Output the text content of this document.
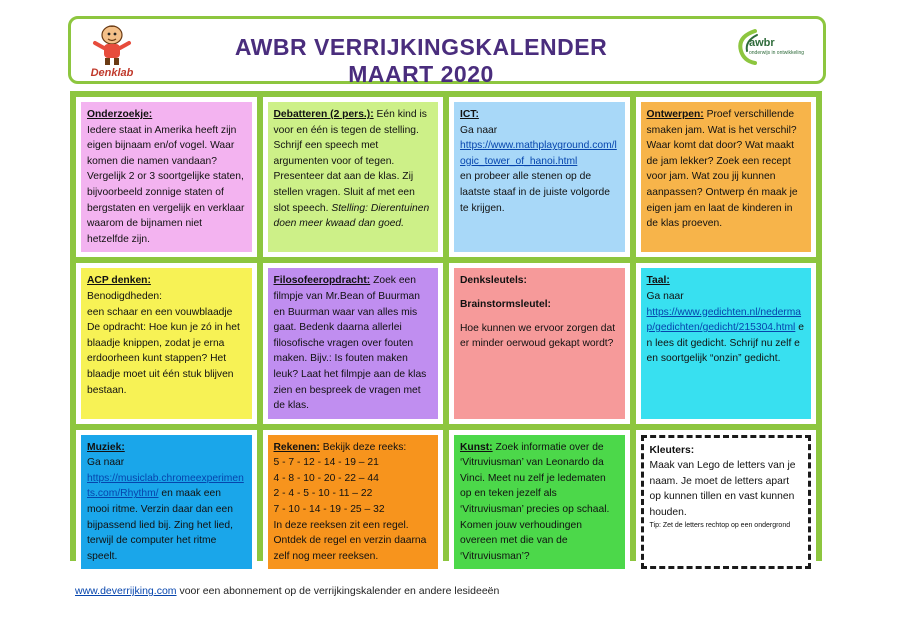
Denklab
AWBR VERRIJKINGSKALENDER MAART 2020
awbr
onderwijs in ontwikkeling

Onderzoekje:

Iedere staat in Amerika heeft zijn eigen bijnaam en/of vogel. Waar komen die namen vandaan? Vergelijk 2 or 3 soortgelijke staten, bijvoorbeeld zonnige staten of bergstaten en vergelijk en verklaar waarom de bijnamen niet hetzelfde zijn.

Debatteren (2 pers.): Eén kind is voor en één is tegen de stelling. Schrijf een speech met argumenten voor of tegen. Presenteer dat aan de klas. Zij stellen vragen. Sluit af met een slot speech. Stelling: Dierentuinen doen meer kwaad dan goed.

ICT:

Ga naar

https://www.mathplayground.com/logic_tower_of_hanoi.html

en probeer alle stenen op de laatste staaf in de juiste volgorde te krijgen.

Ontwerpen: Proef verschillende smaken jam. Wat is het verschil? Waar komt dat door? Wat maakt de jam lekker? Zoek een recept voor jam. Wat zou jij kunnen aanpassen? Ontwerp én maak je eigen jam en laat de kinderen in de klas proeven.

ACP denken:

Benodigdheden:

een schaar en een vouwblaadje

De opdracht: Hoe kun je zó in het blaadje knippen, zodat je erna erdoorheen kunt stappen? Het blaadje moet uit één stuk blijven bestaan.

Filosofeeropdracht: Zoek een filmpje van Mr.Bean of Buurman en Buurman waar van alles mis gaat. Bedenk daarna allerlei filosofische vragen over fouten maken. Bijv.: Is fouten maken leuk? Laat het filmpje aan de klas zien en bespreek de vragen met de klas.

Denksleutels:

Brainstormsleutel:

Hoe kunnen we ervoor zorgen dat er minder oerwoud gekapt wordt?

Taal:

Ga naar

https://www.gedichten.nl/nedermap/gedichten/gedicht/215304.html en lees dit gedicht. Schrijf nu zelf een soortgelijk “onzin” gedicht.

Muziek:

Ga naar

https://musiclab.chromeexperiments.com/Rhythm/ en maak een mooi ritme. Verzin daar dan een bijpassend lied bij. Zing het lied, terwijl de computer het ritme speelt.

Rekenen: Bekijk deze reeks:

5 - 7 - 12 - 14 - 19 – 21

4 - 8 - 10 - 20 - 22 – 44

2 - 4 - 5 - 10 - 11 – 22

7 - 10 - 14 - 19 - 25 – 32

In deze reeksen zit een regel. Ontdek de regel en verzin daarna zelf nog meer reeksen.

Kunst: Zoek informatie over de ‘Vitruviusman’ van Leonardo da Vinci. Meet nu zelf je ledematen op en teken jezelf als ‘Vitruviusman’ precies op schaal. Komen jouw verhoudingen overeen met die van de ‘Vitruviusman’?

Kleuters:

Maak van Lego de letters van je naam. Je moet de letters apart op kunnen tillen en vast kunnen houden.

Tip: Zet de letters rechtop op een ondergrond

www.deverrijking.com voor een abonnement op de verrijkingskalender en andere lesideeën
